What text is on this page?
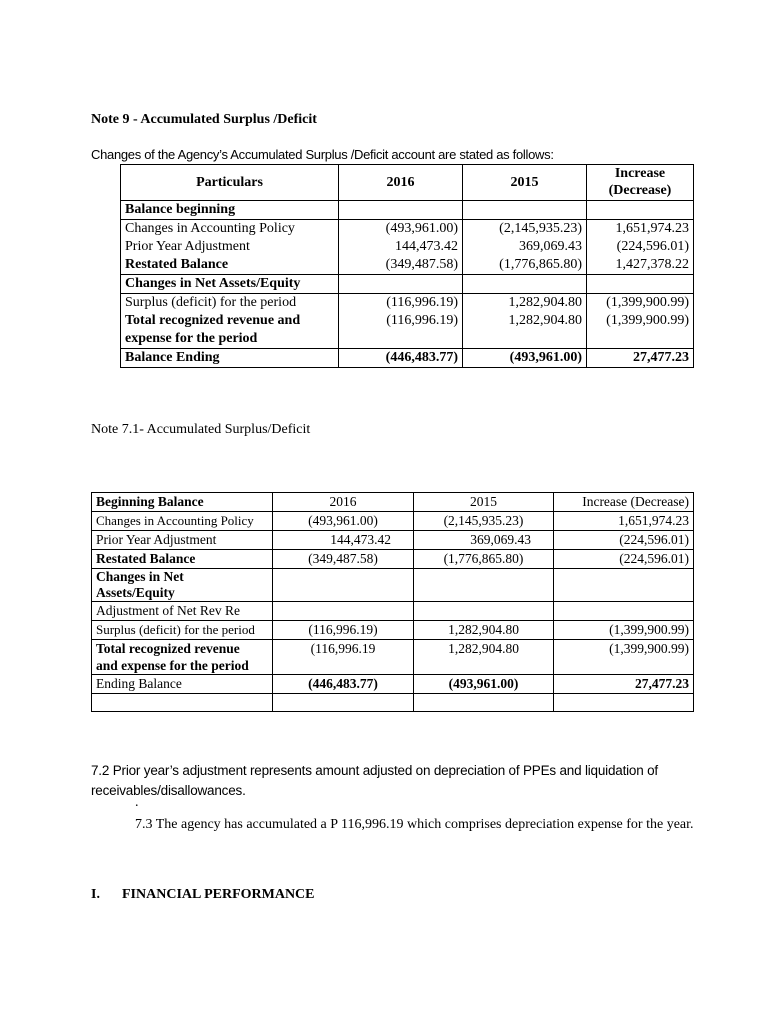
Note 9 - Accumulated Surplus /Deficit
Changes of the Agency’s Accumulated Surplus /Deficit account are stated as follows:
Particulars	2016	2015	Increase
(Decrease)

Balance beginning			
Changes in Accounting Policy	(493,961.00)	(2,145,935.23)	1,651,974.23
Prior Year Adjustment	144,473.42	369,069.43	(224,596.01)
Restated Balance	(349,487.58)	(1,776,865.80)	1,427,378.22
Changes in Net Assets/Equity			
Surplus (deficit) for the period	(116,996.19)	1,282,904.80	(1,399,900.99)

Total recognized revenue and
expense for the period	(116,996.19)	1,282,904.80	(1,399,900.99)
Balance Ending	(446,483.77)	(493,961.00)	27,477.23
Note 7.1- Accumulated Surplus/Deficit
Beginning Balance	2016	2015	Increase (Decrease)
Changes in Accounting Policy	(493,961.00)	(2,145,935.23)	1,651,974.23
Prior Year Adjustment	144,473.42	369,069.43	(224,596.01)
Restated Balance	(349,487.58)	(1,776,865.80)	(224,596.01)

Changes in Net
Assets/Equity			

Adjustment of Net Rev Re			
Surplus (deficit) for the period	(116,996.19)	1,282,904.80	(1,399,900.99)

Total recognized revenue
and expense for the period	(116,996.19	1,282,904.80	(1,399,900.99)
Ending Balance	(446,483.77)	(493,961.00)	27,477.23

7.2 Prior year’s adjustment represents amount adjusted on depreciation of PPEs and liquidation of receivables/disallowances.
.
7.3 The agency has accumulated a P 116,996.19 which comprises depreciation expense for the year.
I. FINANCIAL PERFORMANCE
